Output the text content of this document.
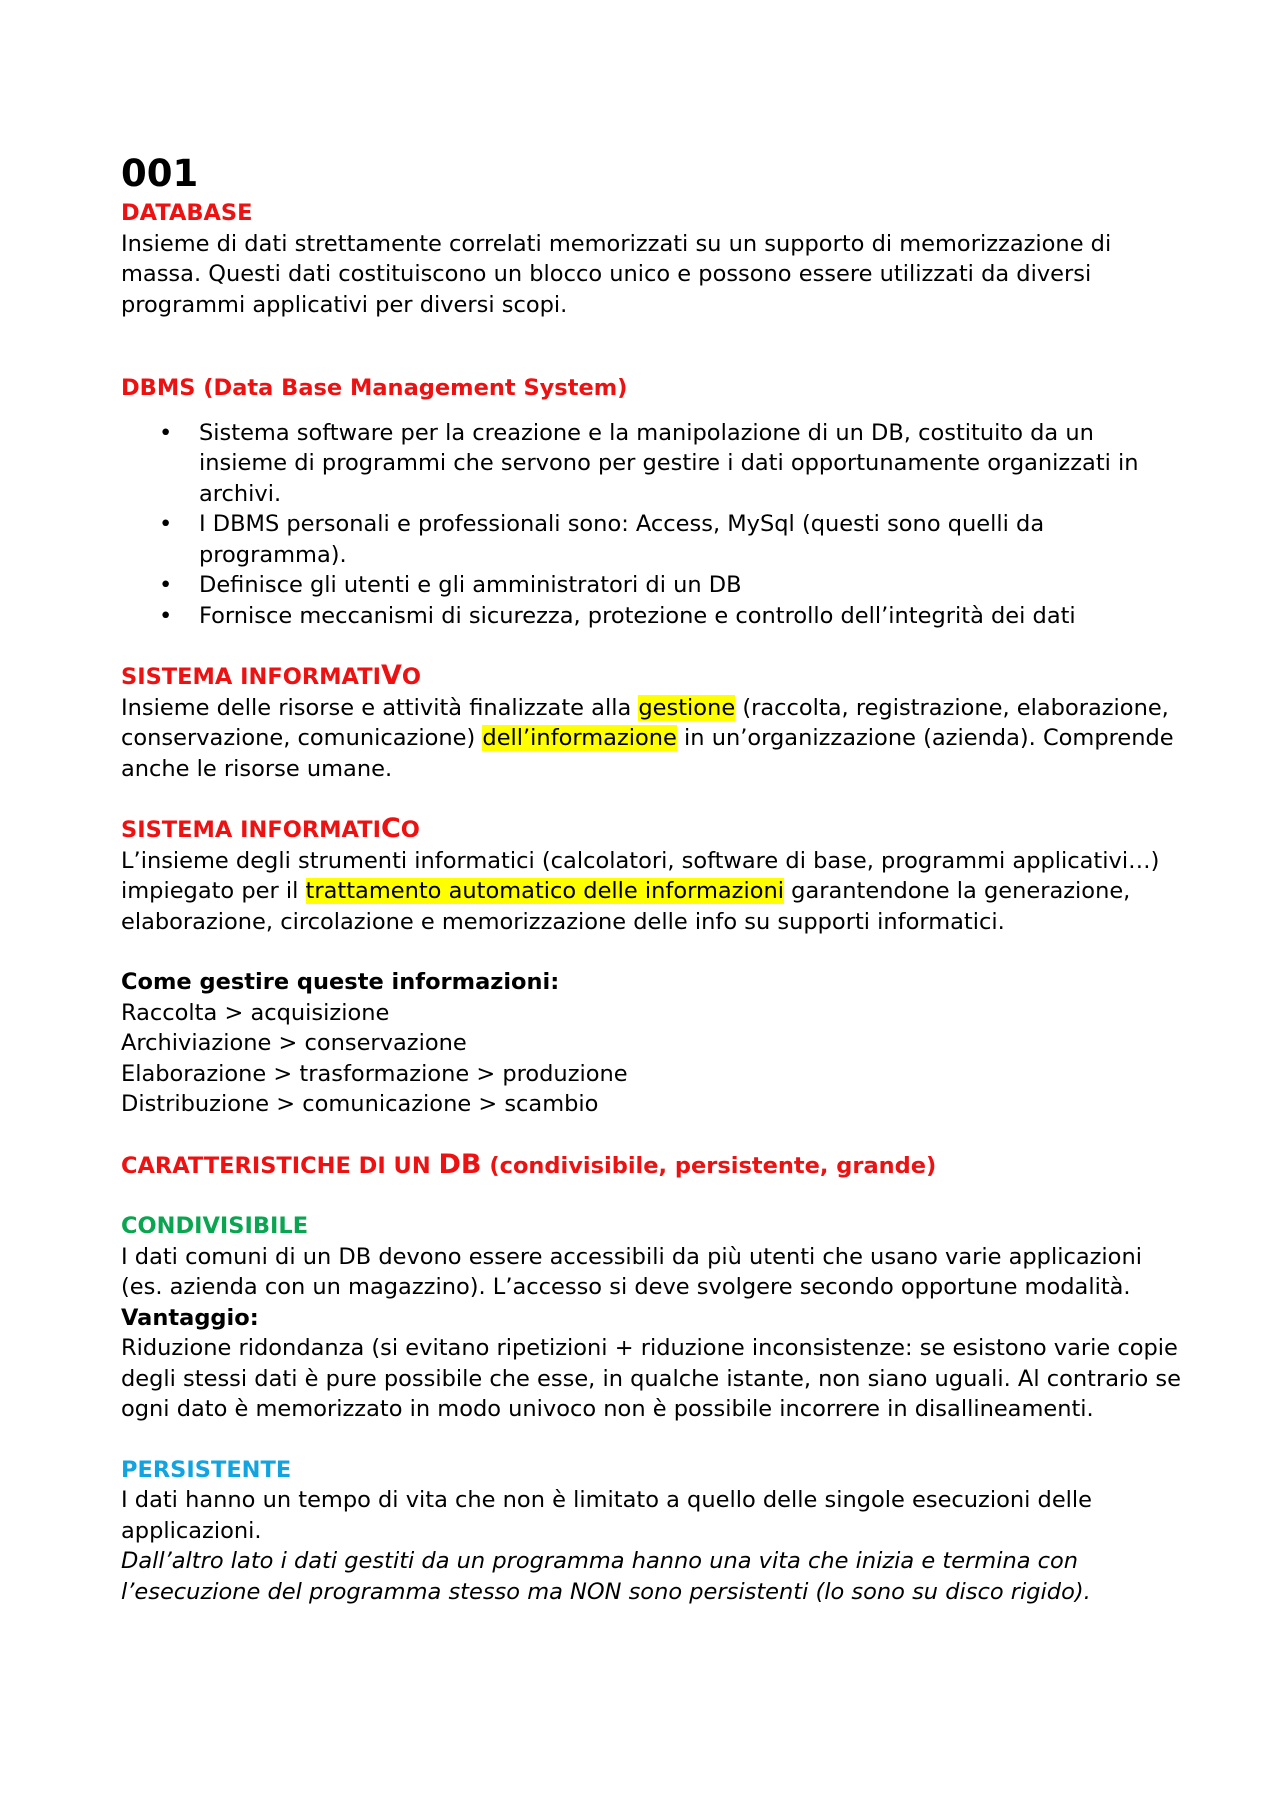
001

DATABASE

Insieme di dati strettamente correlati memorizzati su un supporto di memorizzazione di massa. Questi dati costituiscono un blocco unico e possono essere utilizzati da diversi programmi applicativi per diversi scopi.

DBMS (Data Base Management System)

• Sistema software per la creazione e la manipolazione di un DB, costituito da un insieme di programmi che servono per gestire i dati opportunamente organizzati in archivi.
• I DBMS personali e professionali sono: Access, MySql (questi sono quelli da programma).
• Definisce gli utenti e gli amministratori di un DB
• Fornisce meccanismi di sicurezza, protezione e controllo dell’integrità dei dati

SISTEMA INFORMATIVO

Insieme delle risorse e attività finalizzate alla gestione (raccolta, registrazione, elaborazione, conservazione, comunicazione) dell’informazione in un’organizzazione (azienda). Comprende anche le risorse umane.

SISTEMA INFORMATICO

L’insieme degli strumenti informatici (calcolatori, software di base, programmi applicativi…) impiegato per il trattamento automatico delle informazioni garantendone la generazione, elaborazione, circolazione e memorizzazione delle info su supporti informatici.

Come gestire queste informazioni:

Raccolta > acquisizione

Archiviazione > conservazione

Elaborazione > trasformazione > produzione

Distribuzione > comunicazione > scambio

CARATTERISTICHE DI UN DB (condivisibile, persistente, grande)

CONDIVISIBILE

I dati comuni di un DB devono essere accessibili da più utenti che usano varie applicazioni (es. azienda con un magazzino). L’accesso si deve svolgere secondo opportune modalità.

Vantaggio:

Riduzione ridondanza (si evitano ripetizioni + riduzione inconsistenze: se esistono varie copie degli stessi dati è pure possibile che esse, in qualche istante, non siano uguali. Al contrario se ogni dato è memorizzato in modo univoco non è possibile incorrere in disallineamenti.

PERSISTENTE

I dati hanno un tempo di vita che non è limitato a quello delle singole esecuzioni delle applicazioni.

Dall’altro lato i dati gestiti da un programma hanno una vita che inizia e termina con l’esecuzione del programma stesso ma NON sono persistenti (lo sono su disco rigido).
